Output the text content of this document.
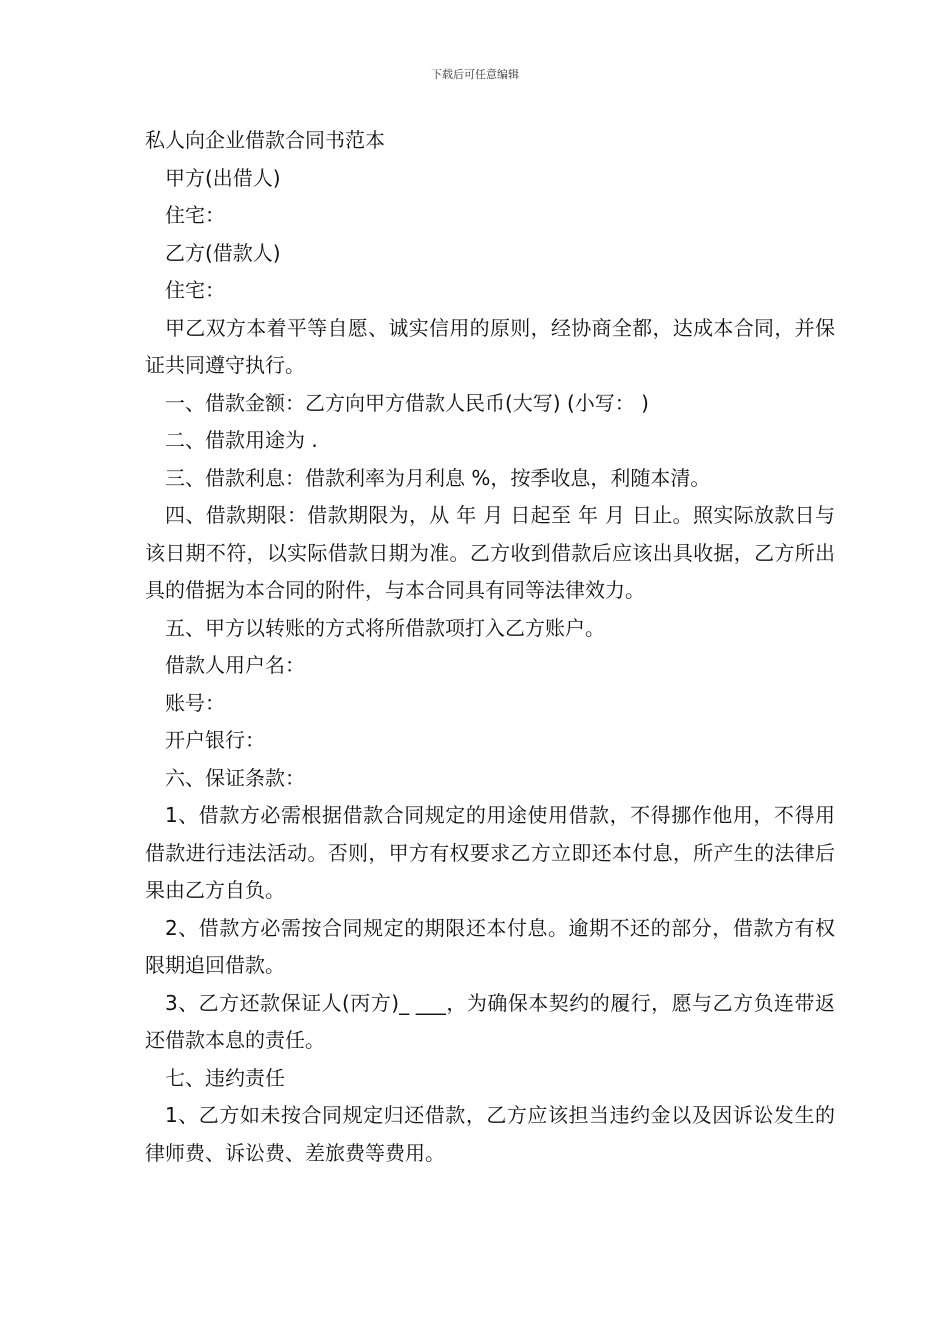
下载后可任意编辑

私人向企业借款合同书范本

甲方(出借人)

住宅：

乙方(借款人)

住宅：

甲乙双方本着平等自愿、诚实信用的原则，经协商全都，达成本合同，并保证共同遵守执行。

一、借款金额：乙方向甲方借款人民币(大写) (小写： )

二、借款用途为 .

三、借款利息：借款利率为月利息 %，按季收息，利随本清。

四、借款期限：借款期限为，从 年 月 日起至 年 月 日止。照实际放款日与该日期不符，以实际借款日期为准。乙方收到借款后应该出具收据，乙方所出具的借据为本合同的附件，与本合同具有同等法律效力。

五、甲方以转账的方式将所借款项打入乙方账户。

借款人用户名：

账号：

开户银行：

六、保证条款：

1、借款方必需根据借款合同规定的用途使用借款，不得挪作他用，不得用借款进行违法活动。否则，甲方有权要求乙方立即还本付息，所产生的法律后果由乙方自负。

2、借款方必需按合同规定的期限还本付息。逾期不还的部分，借款方有权限期追回借款。

3、乙方还款保证人(丙方)_ ___，为确保本契约的履行，愿与乙方负连带返还借款本息的责任。

七、违约责任

1、乙方如未按合同规定归还借款，乙方应该担当违约金以及因诉讼发生的律师费、诉讼费、差旅费等费用。
